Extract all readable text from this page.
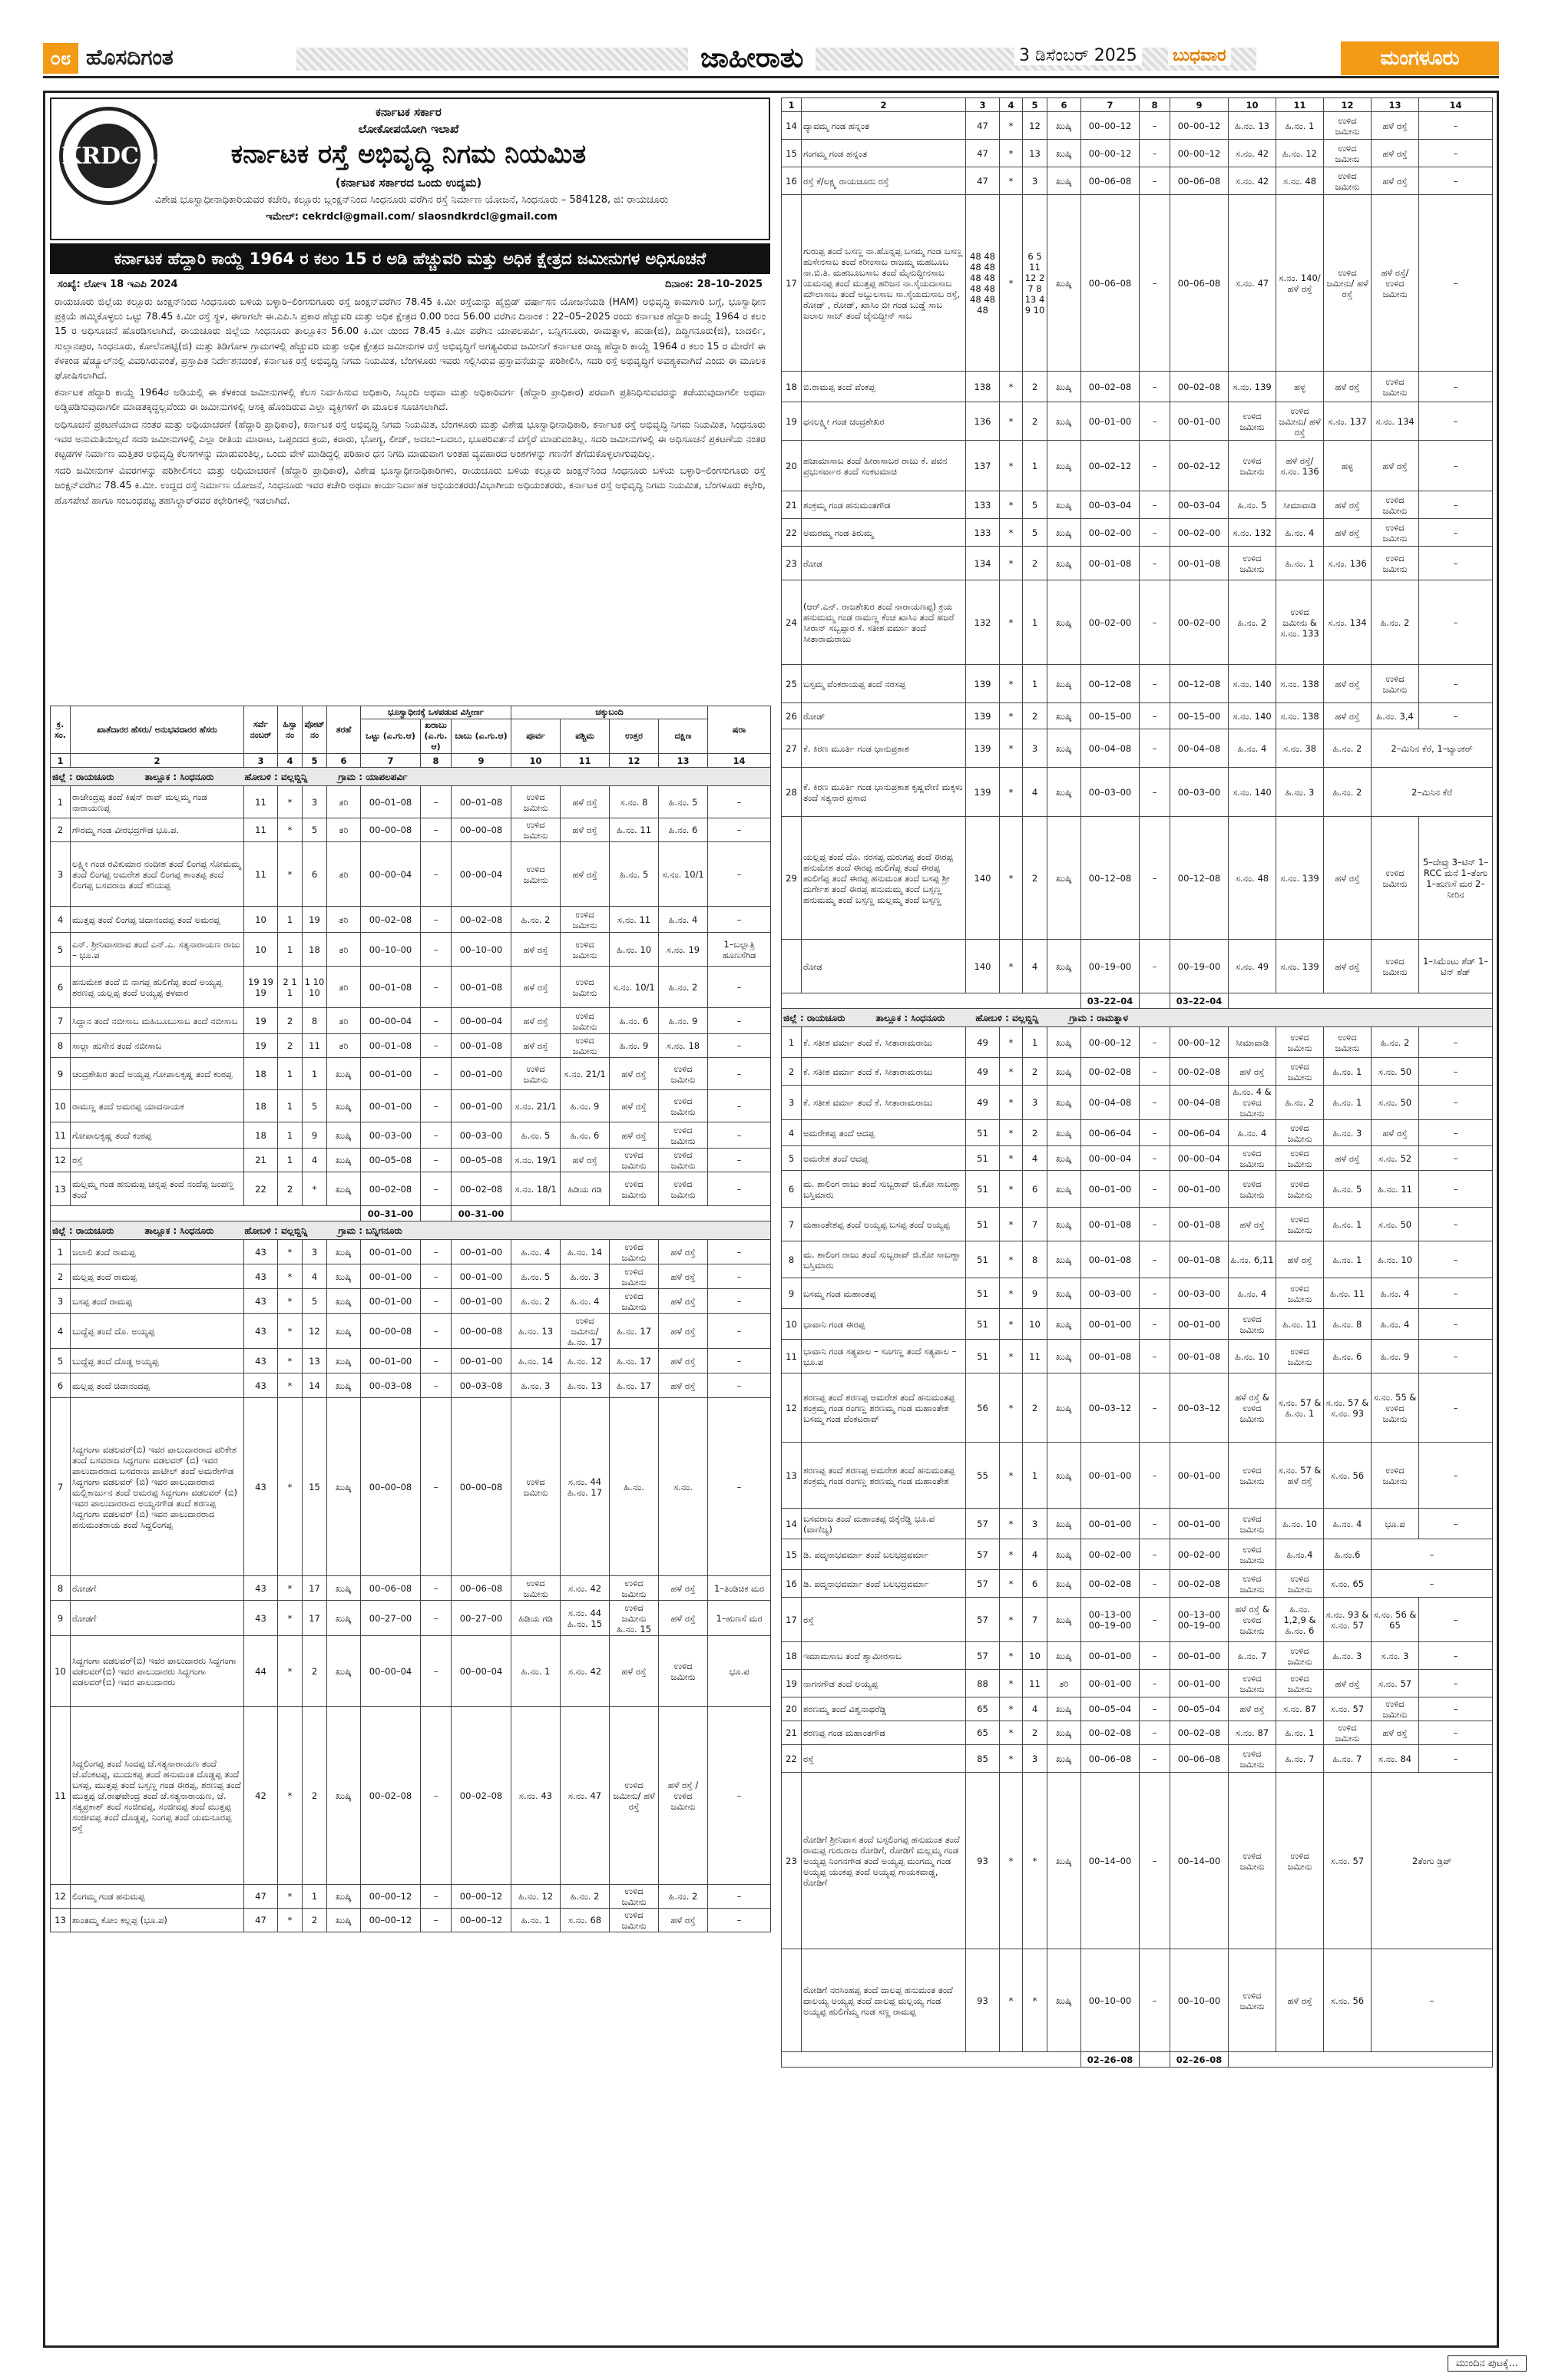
೦೮ ಹೊಸದಿಗಂತ	ಜಾಹೀರಾತು	3 ಡಿಸೆಂಬರ್ 2025 ಬುಧವಾರ	ಮಂಗಳೂರು
KRDCL
ಕರ್ನಾಟಕ ಸರ್ಕಾರ
ಲೋಕೋಪಯೋಗಿ ಇಲಾಖೆ
ಕರ್ನಾಟಕ ರಸ್ತೆ ಅಭಿವೃದ್ಧಿ ನಿಗಮ ನಿಯಮಿತ
(ಕರ್ನಾಟಕ ಸರ್ಕಾರದ ಒಂದು ಉದ್ಯಮ)
ವಿಶೇಷ ಭೂಸ್ವಾಧೀನಾಧಿಕಾರಿಯವರ ಕಚೇರಿ, ಕಲ್ಲೂರು ಬ್ಲಂಕ್ಷನ್‌ನಿಂದ ಸಿಂಧನೂರು ವರೆಗಿನ ರಸ್ತೆ ನಿರ್ಮಾಣ ಯೋಜನೆ, ಸಿಂಧನೂರು – 584128, ಜಿ: ರಾಯಚೂರು
ಇಮೇಲ್: cekrdcl@gmail.com/ slaosndkrdcl@gmail.com
ಕರ್ನಾಟಕ ಹೆದ್ದಾರಿ ಕಾಯ್ದೆ 1964 ರ ಕಲಂ 15 ರ ಅಡಿ ಹೆಚ್ಚುವರಿ ಮತ್ತು ಅಧಿಕ ಕ್ಷೇತ್ರದ ಜಮೀನುಗಳ ಅಧಿಸೂಚನೆ
ಸಂಖ್ಯೆ: ಲೋಇ 18 ಇಎಪಿ 2024	ದಿನಾಂಕ: 28–10–2025

ರಾಯಚೂರು ಜಿಲ್ಲೆಯ ಕಲ್ಲೂರು ಜಂಕ್ಷನ್‌ನಿಂದ ಸಿಂಧನೂರು ಬಳಿಯ ಬಳ್ಳಾರಿ–ಲಿಂಗಸುಗೂರು ರಸ್ತೆ ಜಂಕ್ಷನ್‌ವರೆಗಿನ 78.45 ಕಿ.ಮೀ ರಸ್ತೆಯನ್ನು ಹೈಬ್ರಿಡ್ ವರ್ಷಾಸನ ಯೋಜನೆಯಡಿ (HAM) ಅಭಿವೃದ್ಧಿ ಕಾಮಗಾರಿ ಬಗ್ಗೆ, ಭೂಸ್ವಾಧೀನ ಪ್ರಕ್ರಿಯೆ ಹಮ್ಮಿಕೊಳ್ಳಲು ಒಟ್ಟು 78.45 ಕಿ.ಮೀ ರಸ್ತೆ ಸ್ಥಳ, ಈಗಾಗಲೇ ಈ.ಎಪಿ.ಸಿ ಪ್ರಕಾರ ಹೆಚ್ಚುವರಿ ಮತ್ತು ಅಧಿಕ ಕ್ಷೇತ್ರದ 0.00 ರಿಂದ 56.00 ವರೆಗಿನ ದಿನಾಂಕ : 22–05–2025 ರಂದು ಕರ್ನಾಟಕ ಹೆದ್ದಾರಿ ಕಾಯ್ದೆ 1964 ರ ಕಲಂ 15 ರ ಅಧಿಸೂಚನೆ ಹೊರಡಿಸಲಾಗಿದೆ, ರಾಯಚೂರು ಜಿಲ್ಲೆಯ ಸಿಂಧನೂರು ತಾಲ್ಲೂಕಿನ 56.00 ಕಿ.ಮೀ ಯಿಂದ 78.45 ಕಿ.ಮೀ ವರೆಗಿನ ಯಾಪಲಪರ್ವಿ, ಬನ್ನಿಗನೂರು, ರಾಮತ್ನಾಳ, ಹುಡಾ(ಜಿ), ದಿದ್ದಿಗನೂರು(ಜಿ), ಬಾದರ್ಲಿ, ಸುಲ್ತಾನಪುರ, ಸಿಂಧನೂರು, ಕೋಲೆನಹಟ್ಟಿ(ಜಿ) ಮತ್ತು ತಿಡಿಗೋಳ ಗ್ರಾಮಗಳಲ್ಲಿ ಹೆಚ್ಚುವರಿ ಮತ್ತು ಅಧಿಕ ಕ್ಷೇತ್ರದ ಜಮೀನುಗಳ ರಸ್ತೆ ಅಭಿವೃದ್ಧಿಗೆ ಅಗತ್ಯವಿರುವ ಜಮೀನಿಗೆ ಕರ್ನಾಟಕ ರಾಜ್ಯ ಹೆದ್ದಾರಿ ಕಾಯ್ದೆ 1964 ರ ಕಲಂ 15 ರ ಮೇರೆಗೆ ಈ ಕೆಳಕಂಡ ಷೆಡ್ಯೂಲ್‌ನಲ್ಲಿ ವಿವರಿಸಿರುವಂತೆ, ಪ್ರಸ್ತಾಪಿತ ನಿರ್ದೇಶನದಂತೆ, ಕರ್ನಾಟಕ ರಸ್ತೆ ಅಭಿವೃದ್ಧಿ ನಿಗಮ ನಿಯಮಿತ, ಬೆಂಗಳೂರು ಇವರು ಸಲ್ಲಿಸಿರುವ ಪ್ರಸ್ತಾವನೆಯನ್ನು ಪರಿಶೀಲಿಸಿ, ಸದರಿ ರಸ್ತೆ ಅಭಿವೃದ್ಧಿಗೆ ಅವಶ್ಯಕವಾಗಿದೆ ಎಂದು ಈ ಮೂಲಕ ಘೋಷಿಸಲಾಗಿದೆ.

ಕರ್ನಾಟಕ ಹೆದ್ದಾರಿ ಕಾಯ್ದೆ 1964ರ ಅಡಿಯಲ್ಲಿ ಈ ಕೆಳಕಂಡ ಜಮೀನುಗಳಲ್ಲಿ ಕೆಲಸ ನಿರ್ವಹಿಸುವ ಅಧಿಕಾರಿ, ಸಿಬ್ಬಂದಿ ಅಥವಾ ಮತ್ತು ಅಧಿಕಾರಿವರ್ಗ (ಹೆದ್ದಾರಿ ಪ್ರಾಧಿಕಾರ) ಪರವಾಗಿ ಪ್ರತಿನಿಧಿಸುವವರನ್ನು ತಡೆಯುವುದಾಗಲೀ ಅಥವಾ ಅಡ್ಡಿಪಡಿಸುವುದಾಗಲೀ ಮಾಡತಕ್ಕದ್ದಲ್ಲವೆಂದು ಈ ಜಮೀನುಗಳಲ್ಲಿ ಆಸಕ್ತಿ ಹೊಂದಿರುವ ಎಲ್ಲಾ ವ್ಯಕ್ತಿಗಳಿಗೆ ಈ ಮೂಲಕ ಸೂಚಿಸಲಾಗಿದೆ.

ಅಧಿಸೂಚನೆ ಪ್ರಕಟಣೆಯಾದ ನಂತರ ಮತ್ತು ಅಧಿಯಾಚರಣೆ (ಹೆದ್ದಾರಿ ಪ್ರಾಧಿಕಾರ), ಕರ್ನಾಟಕ ರಸ್ತೆ ಅಭಿವೃದ್ಧಿ ನಿಗಮ ನಿಯಮಿತ, ಬೆಂಗಳೂರು ಮತ್ತು ವಿಶೇಷ ಭೂಸ್ವಾಧೀನಾಧಿಕಾರಿ, ಕರ್ನಾಟಕ ರಸ್ತೆ ಅಭಿವೃದ್ಧಿ ನಿಗಮ ನಿಯಮಿತ, ಸಿಂಧನೂರು ಇವರ ಅನುಮತಿಯಿಲ್ಲದೆ ಸದರಿ ಜಮೀನುಗಳಲ್ಲಿ ಎಲ್ಲಾ ರೀತಿಯ ಮಾರಾಟ, ಒಪ್ಪಂದದ ಕ್ರಯ, ಕರಾರು, ಭೋಗ್ಯ, ಲೀಜ್, ಅದಲು–ಬದಲು, ಭೂಪರಿವರ್ತನೆ ವಗೈರೆ ಮಾಡುವಂತಿಲ್ಲ. ಸದರಿ ಜಮೀನುಗಳಲ್ಲಿ ಈ ಅಧಿಸೂಚನೆ ಪ್ರಕಟಣೆಯ ನಂತರ ಕಟ್ಟಡಗಳ ನಿರ್ಮಾಣ ಮತ್ತಿತರ ಅಭಿವೃದ್ಧಿ ಕೆಲಸಗಳನ್ನು ಮಾಡುವಂತಿಲ್ಲ, ಒಂದು ವೇಳೆ ಮಾಡಿದ್ದಲ್ಲಿ ಪರಿಹಾರ ಧನ ನಿಗದಿ ಮಾಡುವಾಗ ಅಂತಹ ವ್ಯವಹಾರದ ಅಂಶಗಳನ್ನು ಗಣನೆಗೆ ತೆಗೆದುಕೊಳ್ಳಲಾಗುವುದಿಲ್ಲ.

ಸದರಿ ಜಮೀನುಗಳ ವಿವರಗಳನ್ನು ಪರಿಶೀಲಿಸಲು ಮತ್ತು ಅಧಿಯಾಚರಣೆ (ಹೆದ್ದಾರಿ ಪ್ರಾಧಿಕಾರ), ವಿಶೇಷ ಭೂಸ್ವಾಧೀನಾಧಿಕಾರಿಗಳು, ರಾಯಚೂರು ಬಳಿಯ ಕಲ್ಲೂರು ಜಂಕ್ಷನ್‌ನಿಂದ ಸಿಂಧನೂರು ಬಳಿಯ ಬಳ್ಳಾರಿ–ಲಿಂಗಸುಗೂರು ರಸ್ತೆ ಜಂಕ್ಷನ್‌ವರೆಗಿನ 78.45 ಕಿ.ಮೀ. ಉದ್ದದ ರಸ್ತೆ ನಿರ್ಮಾಣ ಯೋಜನೆ, ಸಿಂಧನೂರು ಇವರ ಕಚೇರಿ ಅಥವಾ ಕಾರ್ಯನಿರ್ವಾಹಕ ಅಭಿಯಂತರರು/ವಿಭಾಗೀಯ ಅಧಿಯಂತರರು, ಕರ್ನಾಟಕ ರಸ್ತೆ ಅಭಿವೃದ್ಧಿ ನಿಗಮ ನಿಯಮಿತ, ಬೆಂಗಳೂರು ಕಛೇರಿ, ಹೊಸಪೇಟೆ ಹಾಗೂ ಸಂಬಂಧಪಟ್ಟ ತಹಸಿಲ್ದಾರ್‌ರವರ ಕಛೇರಿಗಳಲ್ಲಿ ಇಡಲಾಗಿದೆ.

ಕ್ರ. ಸಂ.	ಖಾತೆದಾರರ ಹೆಸರು/ ಅನುಭವದಾರರ ಹೆಸರು	ಸರ್ವೆ ನಂಬರ್	ಹಿಸ್ಸಾ ನಂ	ಪೋಟ್ ನಂ	ತರಹೆ	ಭೂಸ್ವಾಧೀನಕ್ಕೆ ಒಳಪಡುವ ವಿಸ್ತೀರ್ಣ			ಚಕ್ಕುಬಂದಿ				ಷರಾ
						ಒಟ್ಟು (ಎ.ಗು.ಆ)	ಖರಾಬು (ಎ.ಗು.ಆ)	ಬಾಬು (ಎ.ಗು.ಆ)	ಪೂರ್ವ	ಪಶ್ಚಿಮ	ಉತ್ತರ	ದಕ್ಷಿಣ	
1	2	3	4	5	6	7	8	9	10	11	12	13	14
ಜಿಲ್ಲೆ : ರಾಯಚೂರು ತಾಲ್ಲೂಕ : ಸಿಂಧನೂರು ಹೋಬಳಿ : ವಲ್ಲಬ್ದಿನ್ನಿ ಗ್ರಾಮ : ಯಾಪಲಪರ್ವಿ													
1	ರಾಜೇಂದ್ರಪ್ಪ ತಂದೆ ಕಿಷನ್ ರಾವ್ ಮಲ್ಲಮ್ಮ ಗಂಡ ನಾರಾಯಣಪ್ಪ	11	*	3	ತರಿ	00–01–08	–	00–01–08	ಉಳಿದ ಜಮೀನು	ಹಳೆ ರಸ್ತೆ	ಸ.ನಂ. 8	ಹಿ.ನಂ. 5	–
2	ಗೌರಮ್ಮ ಗಂಡ ವೀರಭದ್ರಗೌಡ ಭೂ.ಪ.	11	*	5	ತರಿ	00–00–08	–	00–00–08	ಉಳಿದ ಜಮೀನು	ಹಳೆ ರಸ್ತೆ	ಹಿ.ನಂ. 11	ಹಿ.ನಂ. 6	–
3	ಲಕ್ಷ್ಮೀ ಗಂಡ ರವಿಕುಮಾರ ನಂದೀಶ ತಂದೆ ಲಿಂಗಪ್ಪ ಸೋಮಮ್ಮ ತಂದೆ ಲಿಂಗಪ್ಪ ಅಮರೇಶ ತಂದೆ ಲಿಂಗಪ್ಪ ಶಾಂತಪ್ಪ ತಂದೆ ಲಿಂಗಪ್ಪ ಬಸವರಾಜ ತಂದೆ ಕರಿಯಪ್ಪ	11	*	6	ತರಿ	00–00–04	–	00–00–04	ಉಳಿದ ಜಮೀನು	ಹಳೆ ರಸ್ತೆ	ಹಿ.ನಂ. 5	ಸ.ನಂ. 10/1	–
4	ಮುತ್ತಪ್ಪ ತಂದೆ ಲಿಂಗಪ್ಪ ಚಿದಾನಂದಪ್ಪ ತಂದೆ ಅಮರಪ್ಪ	10	1	19	ತರಿ	00–02–08	–	00–02–08	ಹಿ.ನಂ. 2	ಉಳಿದ ಜಮೀನು	ಸ.ನಂ. 11	ಹಿ.ನಂ. 4	–
5	ಎನ್. ಶ್ರೀನಿವಾಸರಾವ ತಂದೆ ಎನ್.ಎ. ಸತ್ಯನಾರಾಯಣ ರಾಜು – ಭೂ.ಪ	10	1	18	ತರಿ	00–10–00	–	00–10–00	ಹಳೆ ರಸ್ತೆ	ಉಳಿದ ಜಮೀನು	ಹಿ.ನಂ. 10	ಸ.ನಂ. 19	1–ಬಲ್ಲಾತ್ರಿ ಹೂಣಸೆಗಿಡ
6	ಹನುಮೇಶ ತಂದೆ ಬಿ ನಾಗಪ್ಪ ಹುಲಿಗೆಪ್ಪ ತಂದೆ ಅಯ್ಯಪ್ಪ ಶರಣಪ್ಪ ಯಲ್ಲಪ್ಪ ತಂದೆ ಅಯ್ಯಪ್ಪ ತಳವಾರ	19 19 19	2 1 1	1 10 10	ತರಿ	00–01–08	–	00–01–08	ಹಳೆ ರಸ್ತೆ	ಉಳಿದ ಜಮೀನು	ಸ.ನಂ. 10/1	ಹಿ.ನಂ. 2	–
7	ಸಿದ್ದಾನ ತಂದೆ ನಬೀಸಾಬ ಮಹಿಬೂಬುಸಾಬ ತಂದೆ ನಬೀಸಾಬ	19	2	8	ತರಿ	00–00–04	–	00–00–04	ಹಳೆ ರಸ್ತೆ	ಉಳಿದ ಜಮೀನು	ಹಿ.ನಂ. 6	ಹಿ.ನಂ. 9	–
8	ಸಾಲ್ಲಾ ಹುಸೇನ ತಂದೆ ನಬೀಸಾಬ	19	2	11	ತರಿ	00–01–08	–	00–01–08	ಹಳೆ ರಸ್ತೆ	ಉಳಿದ ಜಮೀನು	ಹಿ.ನಂ. 9	ಸ.ನಂ. 18	–
9	ಚಂದ್ರಶೇಖರ ತಂದೆ ಅಯ್ಯಪ್ಪ ಗೋಪಾಲಕೃಷ್ಣ ತಂದೆ ಕಂಠಪ್ಪ	18	1	1	ಖುಷ್ಕಿ	00–01–00	–	00–01–00	ಉಳಿದ ಜಮೀನು	ಸ.ನಂ. 21/1	ಹಳೆ ರಸ್ತೆ	ಉಳಿದ ಜಮೀನು	–
10	ರಾಮಣ್ಣ ತಂದೆ ಅಮರಪ್ಪ ಯಾದನಾಯಕ	18	1	5	ಖುಷ್ಕಿ	00–01–00	–	00–01–00	ಸ.ನಂ. 21/1	ಹಿ.ನಂ. 9	ಹಳೆ ರಸ್ತೆ	ಉಳಿದ ಜಮೀನು	–
11	ಗೋಪಾಲಕೃಷ್ಣ ತಂದೆ ಕಂಠಪ್ಪ	18	1	9	ಖುಷ್ಕಿ	00–03–00	–	00–03–00	ಹಿ.ನಂ. 5	ಹಿ.ನಂ. 6	ಹಳೆ ರಸ್ತೆ	ಉಳಿದ ಜಮೀನು	–
12	ರಸ್ತೆ	21	1	4	ಖುಷ್ಕಿ	00–05–08	–	00–05–08	ಸ.ನಂ. 19/1	ಹಳೆ ರಸ್ತೆ	ಉಳಿದ ಜಮೀನು	ಉಳಿದ ಜಮೀನು	–
13	ಮಲ್ಲಮ್ಮ ಗಂಡ ಹನುಮಪ್ಪ ಚನ್ನಪ್ಪ ತಂದೆ ನಂದೆಪ್ಪ ಜಂಪಣ್ಣ ತಂದೆ	22	2	*	ಖುಷ್ಕಿ	00–02–08	–	00–02–08	ಸ.ನಂ. 18/1	ಹಿಡಿಯ ಗಡಿ	ಉಳಿದ ಜಮೀನು	ಉಳಿದ ಜಮೀನು	–
						00–31–00		00–31–00					
ಜಿಲ್ಲೆ : ರಾಯಚೂರು ತಾಲ್ಲೂಕ : ಸಿಂಧನೂರು ಹೋಬಳಿ : ವಲ್ಲಬ್ದಿನ್ನಿ ಗ್ರಾಮ : ಬನ್ನಿಗನೂರು													
1	ಜಲಾಲಿ ತಂದೆ ರಾಮಪ್ಪ	43	*	3	ಖುಷ್ಕಿ	00–01–00	–	00–01–00	ಹಿ.ನಂ. 4	ಹಿ.ನಂ. 14	ಉಳಿದ ಜಮೀನು	ಹಳೆ ರಸ್ತೆ	–
2	ಮಲ್ಲಪ್ಪ ತಂದೆ ರಾಮಪ್ಪ	43	*	4	ಖುಷ್ಕಿ	00–01–00	–	00–01–00	ಹಿ.ನಂ. 5	ಹಿ.ನಂ. 3	ಉಳಿದ ಜಮೀನು	ಹಳೆ ರಸ್ತೆ	–
3	ಬಸಪ್ಪ ತಂದೆ ರಾಮಪ್ಪ	43	*	5	ಖುಷ್ಕಿ	00–01–00	–	00–01–00	ಹಿ.ನಂ. 2	ಹಿ.ನಂ. 4	ಉಳಿದ ಜಮೀನು	ಹಳೆ ರಸ್ತೆ	–
4	ಬುದ್ದೆಪ್ಪ ತಂದೆ ದೊ. ಅಯ್ಯಪ್ಪ	43	*	12	ಖುಷ್ಕಿ	00–00–08	–	00–00–08	ಹಿ.ನಂ. 13	ಉಳಿದ ಜಮೀನು/ ಹಿ.ನಂ. 17	ಹಿ.ನಂ. 17	ಹಳೆ ರಸ್ತೆ	–
5	ಬುದ್ದೆಪ್ಪ ತಂದೆ ದೊಡ್ಡ ಅಯ್ಯಪ್ಪ	43	*	13	ಖುಷ್ಕಿ	00–01–00	–	00–01–00	ಹಿ.ನಂ. 14	ಹಿ.ನಂ. 12	ಹಿ.ನಂ. 17	ಹಳೆ ರಸ್ತೆ	–
6	ಮಲ್ಲಪ್ಪ ತಂದೆ ಚಿದಾನಂದಪ್ಪ	43	*	14	ಖುಷ್ಕಿ	00–03–08	–	00–03–08	ಹಿ.ನಂ. 3	ಹಿ.ನಂ. 13	ಹಿ.ನಂ. 17	ಹಳೆ ರಸ್ತೆ	–
7	ಸಿದ್ದಗಂಗಾ ವಡಲವರ್(ಬಿ) ಇವರ ಪಾಲುದಾರರಾದ ಪರಿಕೇಶ ತಂದೆ ಬಸವರಾಜ ಸಿದ್ದಗಂಗಾ ವಡಲವರ್ (ಬಿ) ಇವರ ಪಾಲುದಾರರಾದ ಬಸವರಾಜ ಪಾಟೀಲ್ ತಂದೆ ಅಮರೇಗೌಡ ಸಿದ್ದಗಂಗಾ ವಡಲವರ್ (ಬಿ) ಇವರ ಪಾಲುದಾರರಾದ ಮಲ್ಲಿಕಾರ್ಜುನ ತಂದೆ ಅಮರಪ್ಪ ಸಿದ್ದಗಂಗಾ ವಡಲವರ್ (ಬಿ) ಇವರ ಪಾಲುದಾರರಾದ ಅಯ್ಯನಗೌಡ ತಂದೆ ಶರಣಪ್ಪ ಸಿದ್ದಗಂಗಾ ವಡಲವರ್ (ಬಿ) ಇವರ ಪಾಲುದಾರರಾದ ಹನುಮಂತರಾಯ ತಂದೆ ಸಿದ್ದಲಿಂಗಪ್ಪ	43	*	15	ಖುಷ್ಕಿ	00–00–08	–	00–00–08	ಉಳಿದ ಜಮೀನು	ಸ.ನಂ. 44 ಹಿ.ನಂ. 17	ಹಿ.ನಂ.	ಸ.ನಂ.	–
8	ರೋಡಗೆ	43	*	17	ಖುಷ್ಕಿ	00–06–08	–	00–06–08	ಉಳಿದ ಜಮೀನು	ಸ.ನಂ. 42	ಉಳಿದ ಜಮೀನು	ಹಳೆ ರಸ್ತೆ	1–ತಿಂಡಿಚಿಕ ಮರ
9	ರೋಡಗೆ	43	*	17	ಖುಷ್ಕಿ	00–27–00	–	00–27–00	ಹಿಡಿಯ ಗಡಿ	ಸ.ನಂ. 44 ಹಿ.ನಂ. 15	ಉಳಿದ ಜಮೀನು ಹಿ.ನಂ. 15	ಹಳೆ ರಸ್ತೆ	1–ಹುಣಸೆ ಮರ
10	ಸಿದ್ದಗಂಗಾ ವಡಲವರ್(ಬಿ) ಇವರ ಪಾಲುದಾರರು ಸಿದ್ದಗಂಗಾ ವಡಲವರ್(ಬಿ) ಇವರ ಪಾಲುದಾರರು ಸಿದ್ದಗಂಗಾ ವಡಲವರ್(ಬಿ) ಇವರ ಪಾಲುದಾರರು	44	*	2	ಖುಷ್ಕಿ	00–00–04	–	00–00–04	ಹಿ.ನಂ. 1	ಸ.ನಂ. 42	ಹಳೆ ರಸ್ತೆ	ಉಳಿದ ಜಮೀನು	ಭೂ.ಪ
11	ಸಿದ್ದಲಿಂಗಪ್ಪ ತಂದೆ ಸಿಂದಪ್ಪ ಜೆ.ಸತ್ಯನಾರಾಯಣ ತಂದೆ ಜೆ.ವೆಂಕಟಪ್ಪ, ಮುದುಕಪ್ಪ ತಂದೆ ಹನುಮಂತ ದೊಡ್ಡಪ್ಪ ತಂದೆ ಬಸಪ್ಪ, ಮುತ್ತಪ್ಪ ತಂದೆ ಬಸ್ಸಣ್ಣ ಗಂಡ ಈರಪ್ಪ, ಶರಣಪ್ಪ ತಂದೆ ಮುತ್ತಪ್ಪ ಜೆ.ರಾಘವೇಂದ್ರ ತಂದೆ ಜೆ.ಸತ್ಯನಾರಾಯಣ, ಜೆ. ಸತ್ಯಪ್ರಕಾಶ್ ತಂದೆ ಸಂಜೀವಪ್ಪ, ಸಂಜೀವಪ್ಪ ತಂದೆ ಮುತ್ತಪ್ಪ ಸಂಜೀವಪ್ಪ ತಂದೆ ದೊಡ್ಡಪ್ಪ, ನಿಂಗಪ್ಪ ತಂದೆ ಯಮನೂರಪ್ಪ ರಸ್ತೆ	42	*	2	ಖುಷ್ಕಿ	00–02–08	–	00–02–08	ಸ.ನಂ. 43	ಸ.ನಂ. 47	ಉಳಿದ ಜಮೀನು/ ಹಳೆ ರಸ್ತೆ	ಹಳೆ ರಸ್ತೆ / ಉಳಿದ ಜಮೀನು	–
12	ಲಿಂಗಮ್ಮ ಗಂಡ ಹನುಮಪ್ಪ	47	*	1	ಖುಷ್ಕಿ	00–00–12	–	00–00–12	ಹಿ.ನಂ. 12	ಹಿ.ನಂ. 2	ಉಳಿದ ಜಮೀನು	ಹಿ.ನಂ. 2	–
13	ಶಾಂತಮ್ಮ ಕೋಂ ಕಲ್ಲಪ್ಪ (ಭೂ.ಪ)	47	*	2	ಖುಷ್ಕಿ	00–00–12	–	00–00–12	ಹಿ.ನಂ. 1	ಸ.ನಂ. 68	ಉಳಿದ ಜಮೀನು	ಹಳೆ ರಸ್ತೆ	–
1	2	3	4	5	6	7	8	9	10	11	12	13	14
14	ದ್ಯಾವಮ್ಮ ಗಂಡ ಹನ್ನಂತ	47	*	12	ಖುಷ್ಕಿ	00–00–12	–	00–00–12	ಹಿ.ನಂ. 13	ಹಿ.ನಂ. 1	ಉಳಿದ ಜಮೀನು	ಹಳೆ ರಸ್ತೆ	–
15	ಗಂಗಮ್ಮ ಗಂಡ ಹನ್ನಂತ	47	*	13	ಖುಷ್ಕಿ	00–00–12	–	00–00–12	ಸ.ನಂ. 42	ಹಿ.ನಂ. 12	ಉಳಿದ ಜಮೀನು	ಹಳೆ ರಸ್ತೆ	–
16	ರಸ್ತೆ ಕೆ/ಲಕ್ಷ್ಮ ರಾಯಚೂರು ರಸ್ತೆ	47	*	3	ಖುಷ್ಕಿ	00–06–08	–	00–06–08	ಸ.ನಂ. 42	ಸ.ನಂ. 48	ಉಳಿದ ಜಮೀನು	ಹಳೆ ರಸ್ತೆ	–
17	ಗುರುಪ್ಪ ತಂದೆ ಬಸಣ್ಣ ನಾ.ಹೊನ್ನಪ್ಪ ಬಸಮ್ಮ ಗಂಡ ಬಸಣ್ಣ ಹುಸೇನಸಾಬ ತಂದೆ ಕರೀಂಸಾಬ ರಾಜಮ್ಮ ಮಹಬೂಬ ನಾ.ಬಿ.ತಿ. ಮಹಬೂಬಸಾಬ ತಂದೆ ಮೈನುದ್ದೀನಸಾಬ ಯಮನಪ್ಪ ತಂದೆ ಮುತ್ತಪ್ಪ ಹರಿಜನ ನಾ.ಸೈಯದಾಸಾಬ ಮೌಲಾಸಾಬ ತಂದೆ ಅಬ್ದುಲಸಾಬ ಸಾ.ಸೈಯದುಸಾಬ ರಸ್ತೆ, ರೋಡ್ , ರೋಡ್, ಖಾಸಿಂ ಬೀ ಗಂಡ ಬುಡ್ಡೆ ಸಾಬ ಜಲಾಲ ಸಾಬ್ ತಂದೆ ಜೈನುದ್ದೀನ್ ಸಾಬ	48 48 48 48 48 48 48 48 48 48 48	*	6 5 11 12 2 7 8 13 4 9 10	ಖುಷ್ಕಿ	00–06–08	–	00–06–08	ಸ.ನಂ. 47	ಸ.ನಂ. 140/ ಹಳೆ ರಸ್ತೆ	ಉಳಿದ ಜಮೀನು/ ಹಳೆ ರಸ್ತೆ	ಹಳೆ ರಸ್ತೆ/ ಉಳಿದ ಜಮೀನು	–
18	ಬಿ.ರಾಮಪ್ಪ ತಂದೆ ವೆಂಕಪ್ಪ	138	*	2	ಖುಷ್ಕಿ	00–02–08	–	00–02–08	ಸ.ನಂ. 139	ಹಳ್ಳ	ಹಳೆ ರಸ್ತೆ	ಉಳಿದ ಜಮೀನು	–
19	ಧನಲಕ್ಷ್ಮೀ ಗಂಡ ಚಂದ್ರಶೇಖರ	136	*	2	ಖುಷ್ಕಿ	00–01–00	–	00–01–00	ಉಳಿದ ಜಮೀನು	ಉಳಿದ ಜಮೀನು/ ಹಳೆ ರಸ್ತೆ	ಸ.ನಂ. 137	ಸ.ನಂ. 134	–
20	ಹಜಾಮಾಸಾಬ ತಂದೆ ಹೀರಾಸಾಬರ ರಾಜು ಕೆ. ಪವನ ಪ್ರಭುಸರ್ವಾರ ತಂದೆ ಸಂಕಟಮಾಚಿ	137	*	1	ಖುಷ್ಕಿ	00–02–12	–	00–02–12	ಉಳಿದ ಜಮೀನು	ಹಳೆ ರಸ್ತೆ/ಸ.ನಂ. 136	ಹಳ್ಳ	ಹಳೆ ರಸ್ತೆ	–
21	ಶಂಕ್ರಮ್ಮ ಗಂಡ ಹನುಮಂತಗೌಡ	133	*	5	ಖುಷ್ಕಿ	00–03–04	–	00–03–04	ಹಿ.ನಂ. 5	ಸೀಮಾವಾಡಿ	ಹಳೆ ರಸ್ತೆ	ಉಳಿದ ಜಮೀನು	–
22	ಅಮರಮ್ಮ ಗಂಡ ತಿರುಮ್ಮ	133	*	5	ಖುಷ್ಕಿ	00–02–00	–	00–02–00	ಸ.ನಂ. 132	ಹಿ.ನಂ. 4	ಹಳೆ ರಸ್ತೆ	ಉಳಿದ ಜಮೀನು	–
23	ರೋಡ	134	*	2	ಖುಷ್ಕಿ	00–01–08	–	00–01–08	ಉಳಿದ ಜಮೀನು	ಹಿ.ನಂ. 1	ಸ.ನಂ. 136	ಉಳಿದ ಜಮೀನು	–
24	(ಆರ್.ಎನ್. ರಾಜಶೇಖರ ತಂದೆ ನಾರಾಯಣಪ್ಪ) ಕ್ರಯ ಹನುಮಮ್ಮ ಗಂಡ ರಾಮಣ್ಣ ಕೆಂಚ ಖಾಸಿಂ ತಂದೆ ಹಜರೆ ಸೀರಾನ್ ಸಬ್ಬಪ್ಪಾರ ಕೆ. ಸತೀಶ ವರ್ಮಾ ತಂದೆ ಸೀತಾರಾಮರಾಜು	132	*	1	ಖುಷ್ಕಿ	00–02–00	–	00–02–00	ಹಿ.ನಂ. 2	ಉಳಿದ ಜಮೀನು & ಸ.ನಂ. 133	ಸ.ನಂ. 134	ಹಿ.ನಂ. 2	–
25	ಬಸ್ಸಮ್ಮ ವೆಂಕರಾಯಪ್ಪ ತಂದೆ ನರಸಪ್ಪ	139	*	1	ಖುಷ್ಕಿ	00–12–08	–	00–12–08	ಸ.ನಂ. 140	ಸ.ನಂ. 138	ಹಳೆ ರಸ್ತೆ	ಉಳಿದ ಜಮೀನು	–
26	ರೋಡ್	139	*	2	ಖುಷ್ಕಿ	00–15–00	–	00–15–00	ಸ.ನಂ. 140	ಸ.ನಂ. 138	ಹಳೆ ರಸ್ತೆ	ಹಿ.ನಂ. 3,4	–
27	ಕೆ. ಕಿರಣ ಮೂರ್ತಿ ಗಂಡ ಭಾನುಪ್ರಕಾಶ	139	*	3	ಖುಷ್ಕಿ	00–04–08	–	00–04–08	ಹಿ.ನಂ. 4	ಸ.ನಂ. 38	ಹಿ.ನಂ. 2	2–ಮಿನಿನ ಕೆರೆ, 1–ಟ್ಯಾಂಕರ್	
28	ಕೆ. ಕಿರಣ ಮೂರ್ತಿ ಗಂಡ ಭಾನುಪ್ರಕಾಶ ಕೃಷ್ಣವೇಣಿ ಮಕ್ಕಳು ತಂದೆ ಸತ್ಯನಾರ ಪ್ರಸಾದ	139	*	4	ಖುಷ್ಕಿ	00–03–00	–	00–03–00	ಸ.ನಂ. 140	ಹಿ.ನಂ. 3	ಹಿ.ನಂ. 2	2–ಮಿನಿನ ಕೆರೆ	
29	ಯಲ್ಲಪ್ಪ ತಂದೆ ದೊ. ನರಸಪ್ಪ ದುರುಗಪ್ಪ ತಂದೆ ಈರಪ್ಪ ಹನುಮೇಶ ತಂದೆ ಈರಪ್ಪ ಹುಲಿಗೆಪ್ಪ ತಂದೆ ಈರಪ್ಪ ಹುಲಿಗೆಪ್ಪ ತಂದೆ ಈರಪ್ಪ ಹನುಮಂತ ತಂದೆ ಬಸಪ್ಪ ಶ್ರೀ ದುರ್ಗೇಶ ತಂದೆ ಈರಪ್ಪ ಹನುಮಮ್ಮ ತಂದೆ ಬಸ್ಸಣ್ಣ ಹನುಮಮ್ಮ ತಂದೆ ಬಸ್ಸಣ್ಣ ಮಲ್ಲಮ್ಮ ತಂದೆ ಬಸ್ಸಣ್ಣ	140	*	2	ಖುಷ್ಕಿ	00–12–08	–	00–12–08	ಸ.ನಂ. 48	ಸ.ನಂ. 139	ಹಳೆ ರಸ್ತೆ	ಉಳಿದ ಜಮೀನು	5–ದೇವ್ರು 3–ಟಿನ್ 1–RCC ಮನೆ 1–ತೆಂಗು 1–ಹುಣಸೆ ಮರ 2–ನೀರಿನ
	ರೋಡ	140	*	4	ಖುಷ್ಕಿ	00–19–00	–	00–19–00	ಸ.ನಂ. 49	ಸ.ನಂ. 139	ಹಳೆ ರಸ್ತೆ	ಉಳಿದ ಜಮೀನು	1–ಸಿಮೆಂಟು ಶೆಡ್ 1–ಟಿನ್ ಶೆಡ್
						03–22–04		03–22–04					
ಜಿಲ್ಲೆ : ರಾಯಚೂರು ತಾಲ್ಲೂಕ : ಸಿಂಧನೂರು ಹೋಬಳಿ : ವಲ್ಲಬ್ದಿನ್ನಿ ಗ್ರಾಮ : ರಾಮತ್ನಾಳ													
1	ಕೆ. ಸತೀಶ ವರ್ಮಾ ತಂದೆ ಕೆ. ಸೀತಾರಾಮರಾಜು	49	*	1	ಖುಷ್ಕಿ	00–00–12	–	00–00–12	ಸೀಮಾವಾಡಿ	ಉಳಿದ ಜಮೀನು	ಉಳಿದ ಜಮೀನು	ಹಿ.ನಂ. 2	–
2	ಕೆ. ಸತೀಶ ವರ್ಮಾ ತಂದೆ ಕೆ. ಸೀತಾರಾಮರಾಜು	49	*	2	ಖುಷ್ಕಿ	00–02–08	–	00–02–08	ಹಳೆ ರಸ್ತೆ	ಉಳಿದ ಜಮೀನು	ಹಿ.ನಂ. 1	ಸ.ನಂ. 50	–
3	ಕೆ. ಸತೀಶ ವರ್ಮಾ ತಂದೆ ಕೆ. ಸೀತಾರಾಮರಾಜು	49	*	3	ಖುಷ್ಕಿ	00–04–08	–	00–04–08	ಹಿ.ನಂ. 4 & ಉಳಿದ ಜಮೀನು	ಹಿ.ನಂ. 2	ಹಿ.ನಂ. 1	ಸ.ನಂ. 50	–
4	ಅಮರೇಶಪ್ಪ ತಂದೆ ಆದಪ್ಪ	51	*	2	ಖುಷ್ಕಿ	00–06–04	–	00–06–04	ಹಿ.ನಂ. 4	ಉಳಿದ ಜಮೀನು	ಹಿ.ನಂ. 3	ಹಳೆ ರಸ್ತೆ	–
5	ಅಮರೇಶ ತಂದೆ ಆದಪ್ಪ	51	*	4	ಖುಷ್ಕಿ	00–00–04	–	00–00–04	ಉಳಿದ ಜಮೀನು	ಉಳಿದ ಜಮೀನು	ಹಳೆ ರಸ್ತೆ	ಸ.ನಂ. 52	–
6	ಮ. ಶಾಲಿಂಗ ರಾಜು ತಂದೆ ಸುಬ್ಬರಾವ್ ಜಿ.ಕೋ ಸಾಬಣ್ಣಾ ಬಸ್ತಿಮಾರು	51	*	6	ಖುಷ್ಕಿ	00–01–00	–	00–01–00	ಉಳಿದ ಜಮೀನು	ಉಳಿದ ಜಮೀನು	ಹಿ.ನಂ. 5	ಹಿ.ನಂ. 11	–
7	ಮಹಾಂತೇಶಪ್ಪ ತಂದೆ ಅಯ್ಯಪ್ಪ ಬಸಪ್ಪ ತಂದೆ ಅಯ್ಯಪ್ಪ	51	*	7	ಖುಷ್ಕಿ	00–01–08	–	00–01–08	ಹಳೆ ರಸ್ತೆ	ಉಳಿದ ಜಮೀನು	ಹಿ.ನಂ. 1	ಸ.ನಂ. 50	–
8	ಮ. ಶಾಲಿಂಗ ರಾಜು ತಂದೆ ಸುಬ್ಬರಾವ್ ಜಿ.ಕೋ ಸಾಬಣ್ಣಾ ಬಸ್ತಿಮಾರು	51	*	8	ಖುಷ್ಕಿ	00–01–08	–	00–01–08	ಹಿ.ನಂ. 6,11	ಹಳೆ ರಸ್ತೆ	ಹಿ.ನಂ. 1	ಹಿ.ನಂ. 10	–
9	ಬಸಮ್ಮ ಗಂಡ ಮಹಾಂತಪ್ಪ	51	*	9	ಖುಷ್ಕಿ	00–03–00	–	00–03–00	ಹಿ.ನಂ. 4	ಉಳಿದ ಜಮೀನು	ಹಿ.ನಂ. 11	ಹಿ.ನಂ. 4	–
10	ಭಾವಾನಿ ಗಂಡ ಈರಪ್ಪ	51	*	10	ಖುಷ್ಕಿ	00–01–00	–	00–01–00	ಉಳಿದ ಜಮೀನು	ಹಿ.ನಂ. 11	ಹಿ.ನಂ. 8	ಹಿ.ನಂ. 4	–
11	ಭಾವಾನಿ ಗಂಡ ಸತ್ಯಪಾಲ – ಸೂಗಣ್ಣ ತಂದೆ ಸತ್ಯಪಾಲ – ಭೂ.ಪ	51	*	11	ಖುಷ್ಕಿ	00–01–08	–	00–01–08	ಹಿ.ನಂ. 10	ಉಳಿದ ಜಮೀನು	ಹಿ.ನಂ. 6	ಹಿ.ನಂ. 9	–
12	ಶರಣಪ್ಪ ತಂದೆ ಶರಣಪ್ಪ ಅಮರೇಶ ತಂದೆ ಹನುಮಂತಪ್ಪ ಶಂಕ್ರಮ್ಮ ಗಂಡ ರಂಗಣ್ಣ ಶರಣಮ್ಮ ಗಂಡ ಮಹಾಂತೇಶ ಬಸಮ್ಮ ಗಂಡ ವೆಂಕಟರಾವ್	56	*	2	ಖುಷ್ಕಿ	00–03–12	–	00–03–12	ಹಳೆ ರಸ್ತೆ & ಉಳಿದ ಜಮೀನು	ಸ.ನಂ. 57 & ಹಿ.ನಂ. 1	ಸ.ನಂ. 57 & ಸ.ನಂ. 93	ಸ.ನಂ. 55 & ಉಳಿದ ಜಮೀನು	–
13	ಶರಣಪ್ಪ ತಂದೆ ಶರಣಪ್ಪ ಅಮರೇಶ ತಂದೆ ಹನುಮಂತಪ್ಪ ಶಂಕ್ರಮ್ಮ ಗಂಡ ರಂಗಣ್ಣ ಶರಣಮ್ಮ ಗಂಡ ಮಹಾಂತೇಶ	55	*	1	ಖುಷ್ಕಿ	00–01–00	–	00–01–00	ಉಳಿದ ಜಮೀನು	ಸ.ನಂ. 57 & ಹಳೆ ರಸ್ತೆ	ಸ.ನಂ. 56	ಉಳಿದ ಜಮೀನು	–
14	ಬಸವರಾಜ ತಂದೆ ಮಹಾಂತಪ್ಪ ಜಿಕ್ಕೆರೆಡ್ಡಿ ಭೂ.ಪ (ವಾಣಿಜ್ಯ)	57	*	3	ಖುಷ್ಕಿ	00–01–00	–	00–01–00	ಉಳಿದ ಜಮೀನು	ಹಿ.ನಂ. 10	ಹಿ.ನಂ. 4	ಭೂ.ಪ	–
15	ಡಿ. ಪದ್ಮನಾಭವರ್ಮಾ ತಂದೆ ಬಲಭದ್ರವರ್ಮಾ	57	*	4	ಖುಷ್ಕಿ	00–02–00	–	00–02–00	ಉಳಿದ ಜಮೀನು	ಹಿ.ನಂ.4	ಹಿ.ನಂ.6	–	
16	ಡಿ. ಪದ್ಮನಾಭವರ್ಮಾ ತಂದೆ ಬಲಭದ್ರವರ್ಮಾ	57	*	6	ಖುಷ್ಕಿ	00–02–08	–	00–02–08	ಉಳಿದ ಜಮೀನು	ಉಳಿದ ಜಮೀನು	ಸ.ನಂ. 65	–	
17	ರಸ್ತೆ	57	*	7	ಖುಷ್ಕಿ	00–13–00 00–19–00	–	00–13–00 00–19–00	ಹಳೆ ರಸ್ತೆ & ಉಳಿದ ಜಮೀನು	ಹಿ.ನಂ. 1,2,9 & ಹಿ.ನಂ. 6	ಸ.ನಂ. 93 & ಸ.ನಂ. 57	ಸ.ನಂ. 56 & 65	–
18	ಇಮಾಮಸಾಬ ತಂದೆ ಶ್ಯಾಮೀರಸಾಬ	57	*	10	ಖುಷ್ಕಿ	00–01–00	–	00–01–00	ಹಿ.ನಂ. 7	ಉಳಿದ ಜಮೀನು	ಹಿ.ನಂ. 3	ಸ.ನಂ. 3	–
19	ನಾಗನಗೌಡ ತಂದೆ ಅಯ್ಯಪ್ಪ	88	*	11	ತರಿ	00–01–00	–	00–01–00	ಉಳಿದ ಜಮೀನು	ಉಳಿದ ಜಮೀನು	ಹಳೆ ರಸ್ತೆ	ಸ.ನಂ. 57	–
20	ಶರಣಮ್ಮ ತಂದೆ ವಿಶ್ವನಾಥರೆಡ್ಡಿ	65	*	4	ಖುಷ್ಕಿ	00–05–04	–	00–05–04	ಹಳೆ ರಸ್ತೆ	ಸ.ನಂ. 87	ಸ.ನಂ. 57	ಉಳಿದ ಜಮೀನು	–
21	ಶರಣಪ್ಪ ಗಂಡ ಮಹಾಂತಗೌಡ	65	*	2	ಖುಷ್ಕಿ	00–02–08	–	00–02–08	ಸ.ನಂ. 87	ಹಿ.ನಂ. 1	ಉಳಿದ ಜಮೀನು	ಹಳೆ ರಸ್ತೆ	–
22	ರಸ್ತೆ	85	*	3	ಖುಷ್ಕಿ	00–06–08	–	00–06–08	ಉಳಿದ ಜಮೀನು	ಹಿ.ನಂ. 7	ಹಿ.ನಂ. 7	ಸ.ನಂ. 84	–
23	ರೋಡಿಗೆ ಶ್ರೀನಿವಾಸ ತಂದೆ ಬಸ್ಸಲಿಂಗಪ್ಪ ಹನುಮಂತ ತಂದೆ ರಾಮಪ್ಪ ಗುರುರಾಜ ರೋಡಿಗೆ, ರೋಡಿಗೆ ಮಲ್ಲಮ್ಮ ಗಂಡ ಅಯ್ಯಪ್ಪ ನಿಂಗನಗೌಡ ತಂದೆ ಅಯ್ಯಪ್ಪ ಮಂಗಮ್ಮ ಗಂಡ ಅಯ್ಯಪ್ಪ ಯಂಕಪ್ಪ ತಂದೆ ಅಯ್ಯಪ್ಪ ಗಾಯಕವಾಡ್ಡ, ರೋಡಿಗೆ	93	*	*	ಖುಷ್ಕಿ	00–14–00	–	00–14–00	ಉಳಿದ ಜಮೀನು	ಉಳಿದ ಜಮೀನು	ಸ.ನಂ. 57	2ತೆಂಗು ಡ್ರಿಪ್	
	ರೋಡಿಗೆ ನರಸಿಂಹಪ್ಪ ತಂದೆ ದಾಲಪ್ಪ ಹನುಮಂತ ತಂದೆ ದಾಲಯ್ಯ ಅಯ್ಯಪ್ಪ ತಂದೆ ದಾಲಪ್ಪ ಮಲ್ಲಯ್ಯ ಗಂಡ ಅಯ್ಯಪ್ಪ ಹುಲಿಗೆಮ್ಮ ಗಂಡ ಸಣ್ಣ ರಾಮಪ್ಪ	93	*	*	ಖುಷ್ಕಿ	00–10–00	–	00–10–00	ಉಳಿದ ಜಮೀನು	ಹಳೆ ರಸ್ತೆ	ಸ.ನಂ. 56	–	
						02–26–08		02–26–08					
ಮುಂದಿನ ಪುಟಕ್ಕೆ...
